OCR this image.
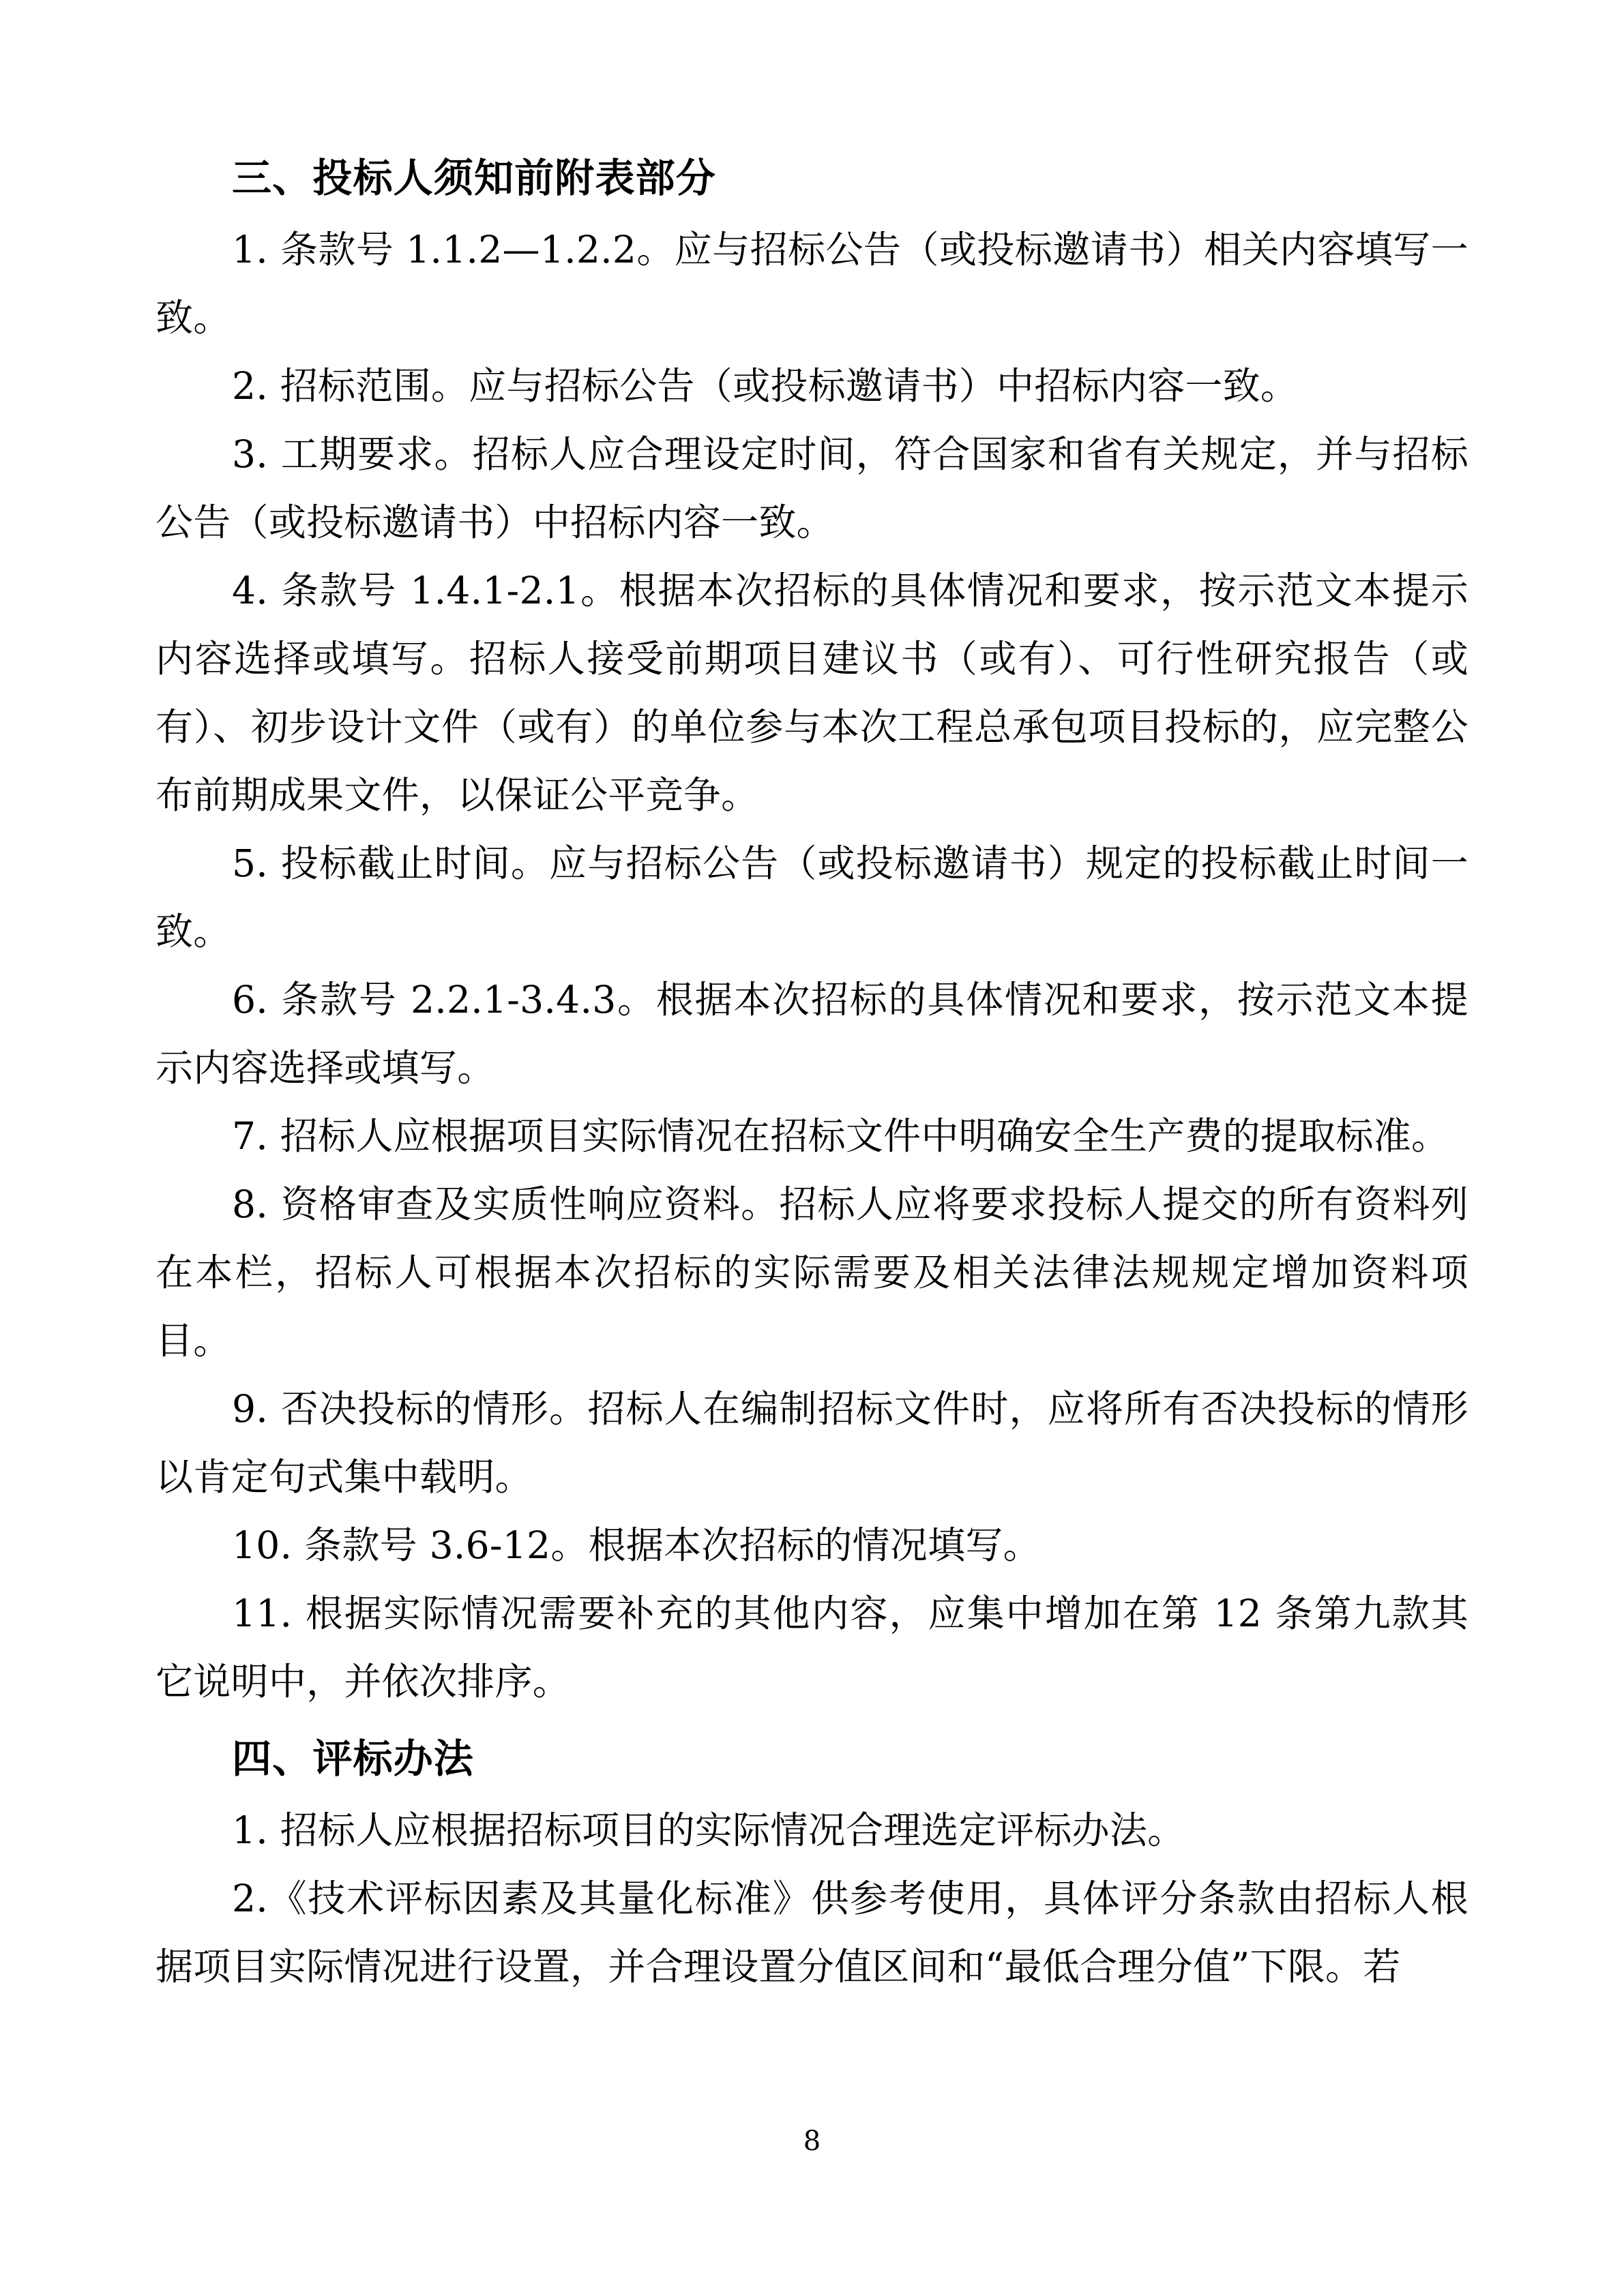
三、投标人须知前附表部分

1. 条款号 1.1.2—1.2.2。应与招标公告（或投标邀请书）相关内容填写一致。

2. 招标范围。应与招标公告（或投标邀请书）中招标内容一致。

3. 工期要求。招标人应合理设定时间，符合国家和省有关规定，并与招标公告（或投标邀请书）中招标内容一致。

4. 条款号 1.4.1-2.1。根据本次招标的具体情况和要求，按示范文本提示内容选择或填写。招标人接受前期项目建议书（或有）、可行性研究报告（或有）、初步设计文件（或有）的单位参与本次工程总承包项目投标的，应完整公布前期成果文件，以保证公平竞争。

5. 投标截止时间。应与招标公告（或投标邀请书）规定的投标截止时间一致。

6. 条款号 2.2.1-3.4.3。根据本次招标的具体情况和要求，按示范文本提示内容选择或填写。

7. 招标人应根据项目实际情况在招标文件中明确安全生产费的提取标准。

8. 资格审查及实质性响应资料。招标人应将要求投标人提交的所有资料列在本栏，招标人可根据本次招标的实际需要及相关法律法规规定增加资料项目。

9. 否决投标的情形。招标人在编制招标文件时，应将所有否决投标的情形以肯定句式集中载明。

10. 条款号 3.6-12。根据本次招标的情况填写。

11. 根据实际情况需要补充的其他内容，应集中增加在第 12 条第九款其它说明中，并依次排序。

四、评标办法

1. 招标人应根据招标项目的实际情况合理选定评标办法。

2.《技术评标因素及其量化标准》供参考使用，具体评分条款由招标人根据项目实际情况进行设置，并合理设置分值区间和“最低合理分值”下限。若

8
